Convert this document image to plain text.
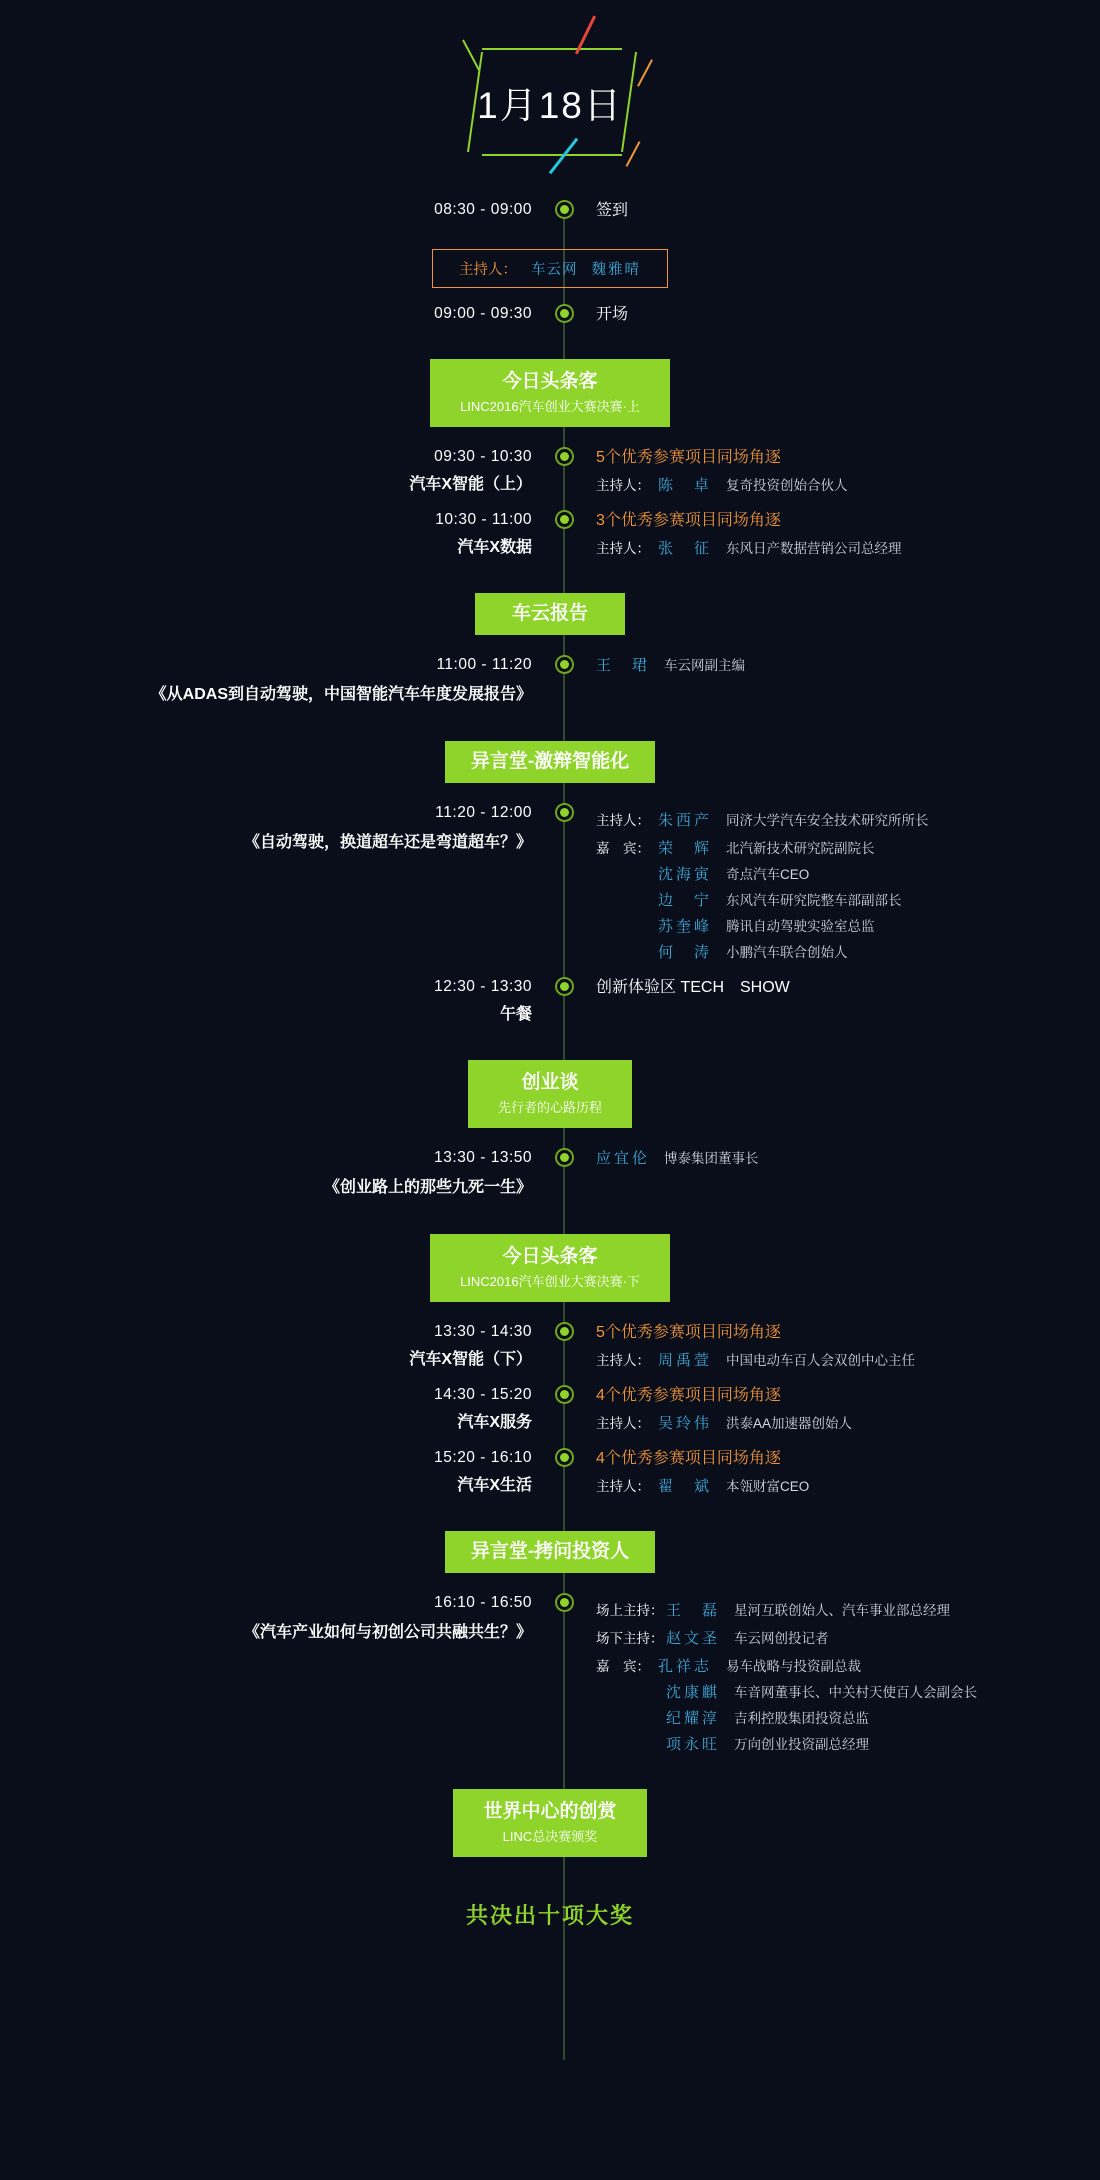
1月18日
08:30 - 09:00	签到
主持人： 车云网 魏雅晴
09:00 - 09:30	开场
今日头条客
LINC2016汽车创业大赛决赛·上
09:30 - 10:30
汽车X智能（上）
5个优秀参赛项目同场角逐
主持人： 陈　卓 复奇投资创始合伙人
10:30 - 11:00
汽车X数据
3个优秀参赛项目同场角逐
主持人： 张　征 东风日产数据营销公司总经理
车云报告
11:00 - 11:20
《从ADAS到自动驾驶，中国智能汽车年度发展报告》
王　珺 车云网副主编
异言堂-激辩智能化
11:20 - 12:00
《自动驾驶，换道超车还是弯道超车？》
主持人： 朱西产 同济大学汽车安全技术研究所所长
嘉　宾： 荣　辉 北汽新技术研究院副院长
沈海寅 奇点汽车CEO
边　宁 东风汽车研究院整车部副部长
苏奎峰 腾讯自动驾驶实验室总监
何　涛 小鹏汽车联合创始人
12:30 - 13:30
午餐
创新体验区 TECH　SHOW
创业谈
先行者的心路历程
13:30 - 13:50
《创业路上的那些九死一生》
应宜伦 博泰集团董事长
今日头条客
LINC2016汽车创业大赛决赛·下
13:30 - 14:30
汽车X智能（下）
5个优秀参赛项目同场角逐
主持人： 周禹萱 中国电动车百人会双创中心主任
14:30 - 15:20
汽车X服务
4个优秀参赛项目同场角逐
主持人： 吴玲伟 洪泰AA加速器创始人
15:20 - 16:10
汽车X生活
4个优秀参赛项目同场角逐
主持人： 翟　斌 本瓴财富CEO
异言堂-拷问投资人
16:10 - 16:50
《汽车产业如何与初创公司共融共生？》
场上主持： 王　磊 星河互联创始人、汽车事业部总经理
场下主持： 赵文圣 车云网创投记者
嘉　宾： 孔祥志 易车战略与投资副总裁
沈康麒 车音网董事长、中关村天使百人会副会长
纪耀淳 吉利控股集团投资总监
项永旺 万向创业投资副总经理
世界中心的创赏
LINC总决赛颁奖
共决出十项大奖
